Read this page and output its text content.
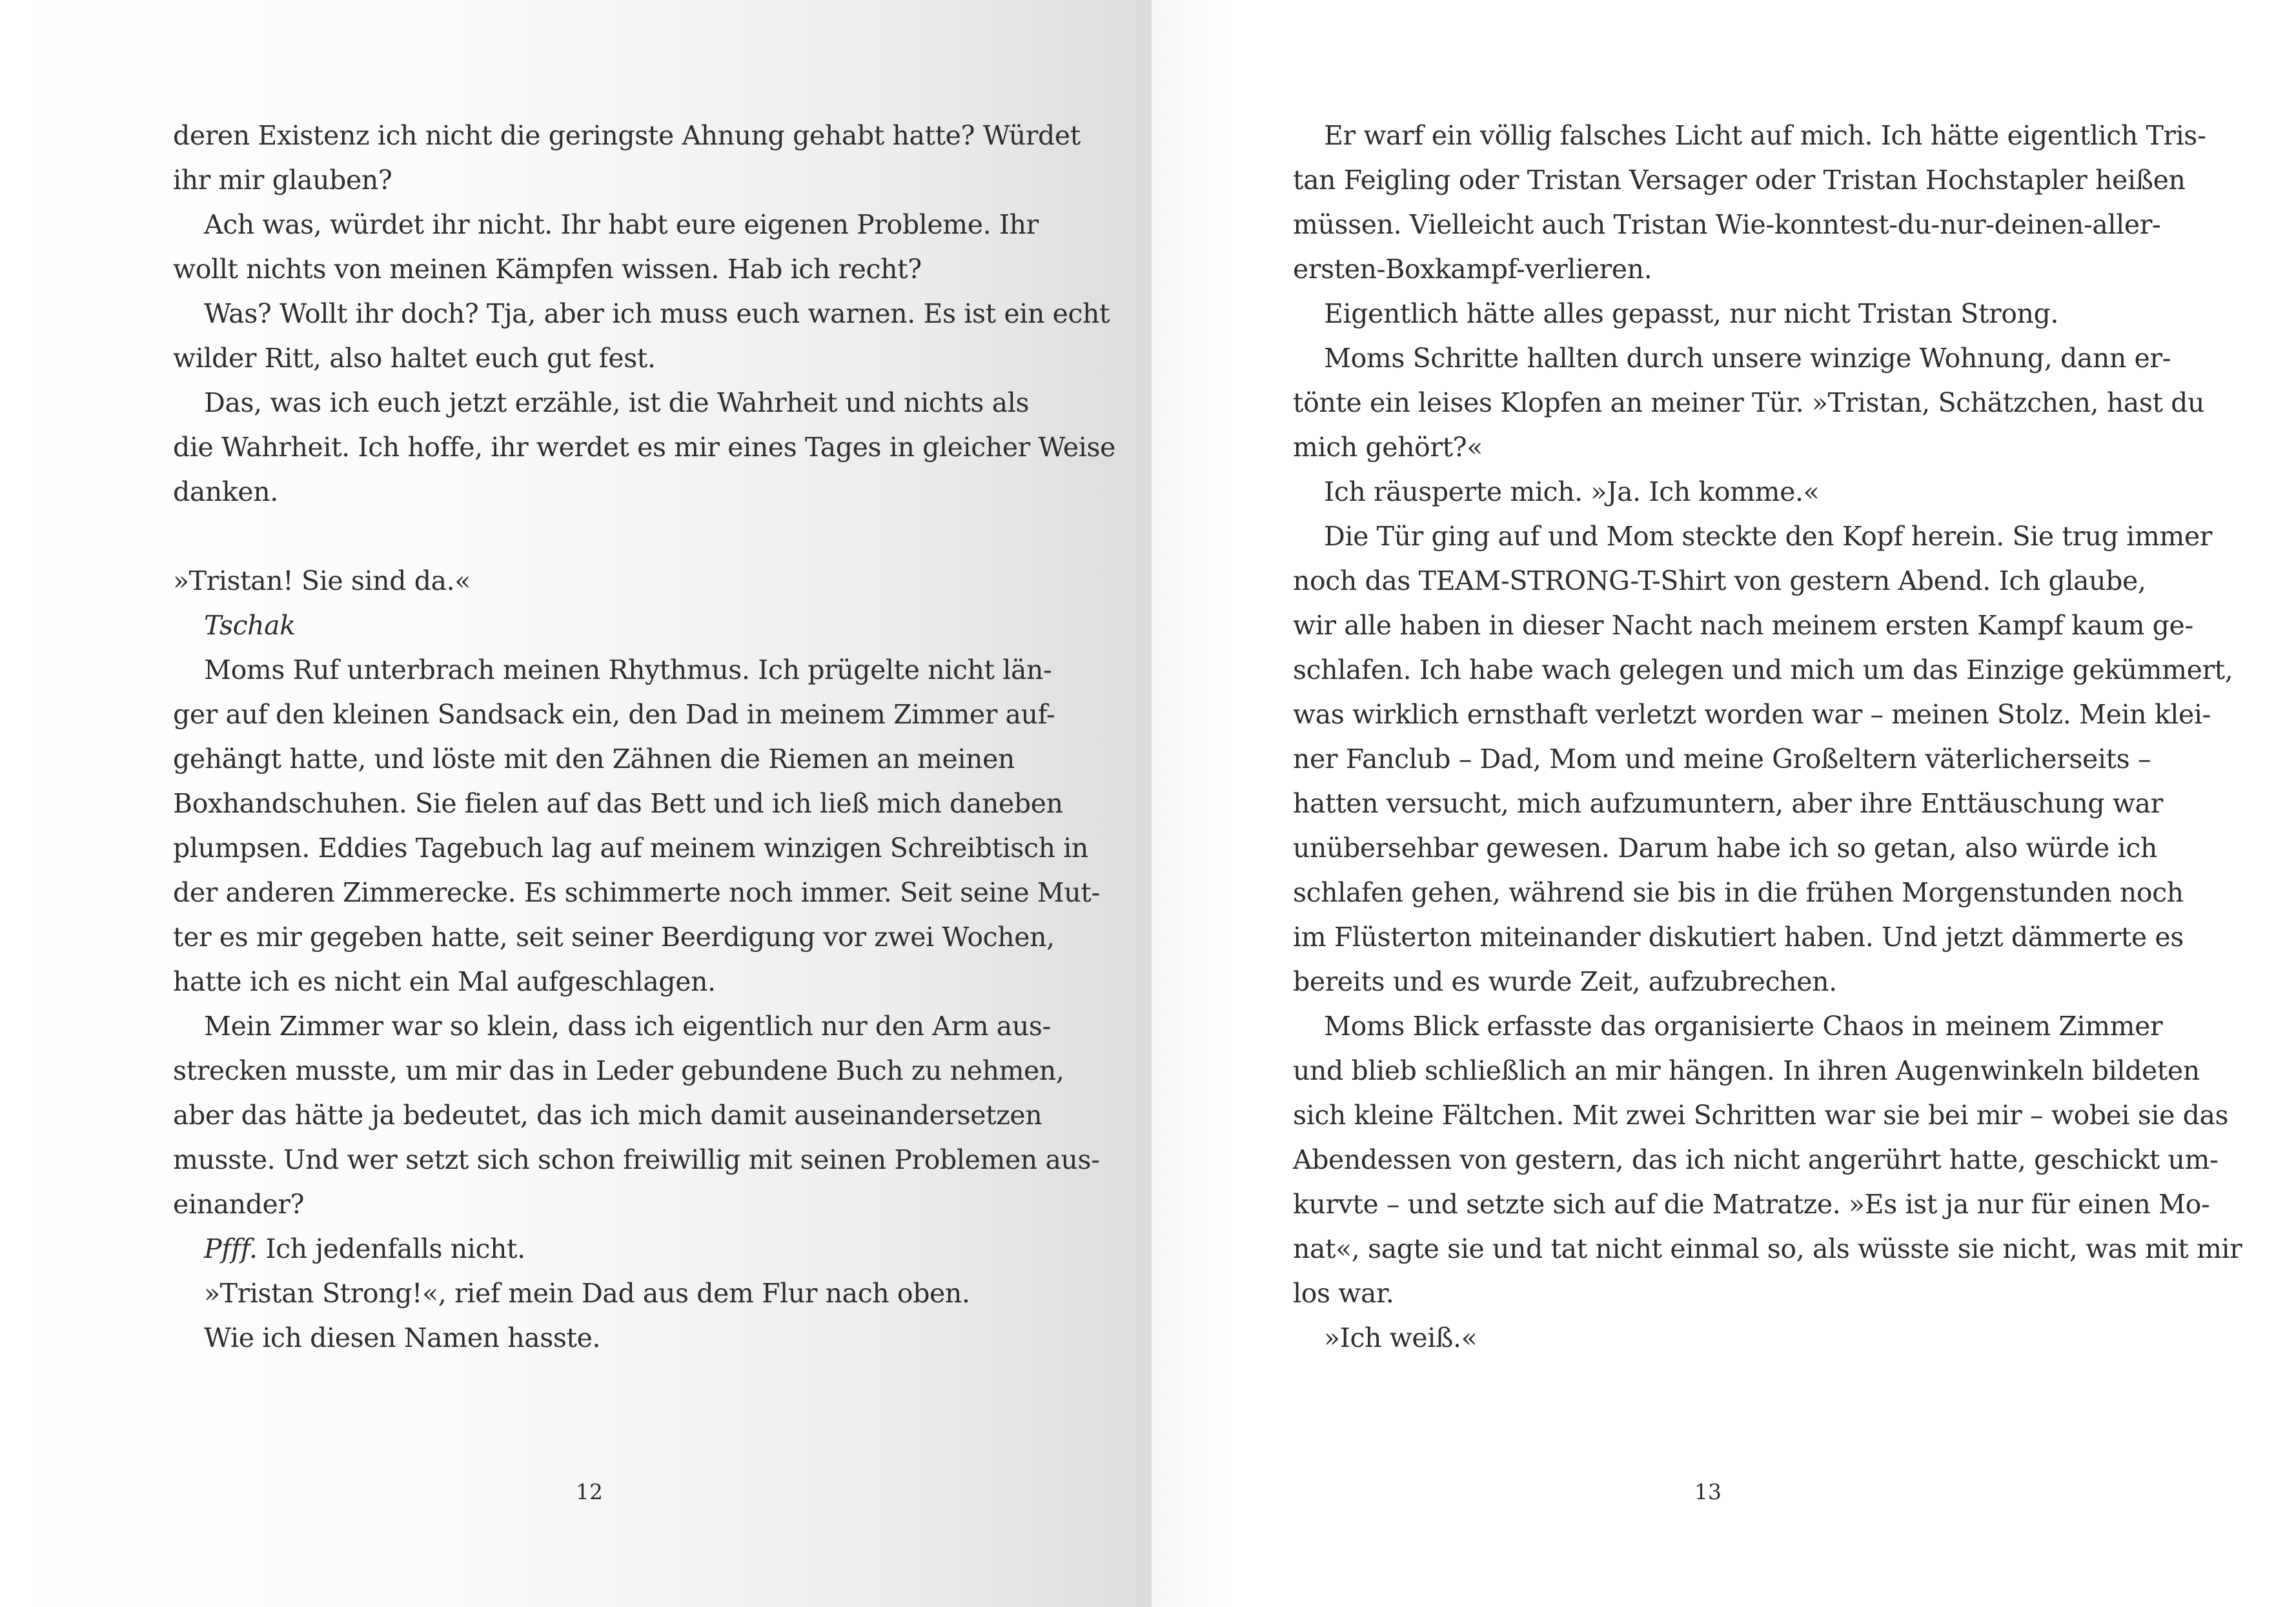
deren Existenz ich nicht die geringste Ahnung gehabt hatte? Würdet
ihr mir glauben?
Ach was, würdet ihr nicht. Ihr habt eure eigenen Probleme. Ihr
wollt nichts von meinen Kämpfen wissen. Hab ich recht?
Was? Wollt ihr doch? Tja, aber ich muss euch warnen. Es ist ein echt
wilder Ritt, also haltet euch gut fest.
Das, was ich euch jetzt erzähle, ist die Wahrheit und nichts als
die Wahrheit. Ich hoffe, ihr werdet es mir eines Tages in gleicher Weise
danken.
»Tristan! Sie sind da.«
Tschak
Moms Ruf unterbrach meinen Rhythmus. Ich prügelte nicht län-
ger auf den kleinen Sandsack ein, den Dad in meinem Zimmer auf-
gehängt hatte, und löste mit den Zähnen die Riemen an meinen
Boxhandschuhen. Sie fielen auf das Bett und ich ließ mich daneben
plumpsen. Eddies Tagebuch lag auf meinem winzigen Schreibtisch in
der anderen Zimmerecke. Es schimmerte noch immer. Seit seine Mut-
ter es mir gegeben hatte, seit seiner Beerdigung vor zwei Wochen,
hatte ich es nicht ein Mal aufgeschlagen.
Mein Zimmer war so klein, dass ich eigentlich nur den Arm aus-
strecken musste, um mir das in Leder gebundene Buch zu nehmen,
aber das hätte ja bedeutet, das ich mich damit auseinandersetzen
musste. Und wer setzt sich schon freiwillig mit seinen Problemen aus-
einander?
Pfff. Ich jedenfalls nicht.
»Tristan Strong!«, rief mein Dad aus dem Flur nach oben.
Wie ich diesen Namen hasste.
12
Er warf ein völlig falsches Licht auf mich. Ich hätte eigentlich Tris-
tan Feigling oder Tristan Versager oder Tristan Hochstapler heißen
müssen. Vielleicht auch Tristan Wie-konntest-du-nur-deinen-aller-
ersten-Boxkampf-verlieren.
Eigentlich hätte alles gepasst, nur nicht Tristan Strong.
Moms Schritte hallten durch unsere winzige Wohnung, dann er-
tönte ein leises Klopfen an meiner Tür. »Tristan, Schätzchen, hast du
mich gehört?«
Ich räusperte mich. »Ja. Ich komme.«
Die Tür ging auf und Mom steckte den Kopf herein. Sie trug immer
noch das TEAM-STRONG-T-Shirt von gestern Abend. Ich glaube,
wir alle haben in dieser Nacht nach meinem ersten Kampf kaum ge-
schlafen. Ich habe wach gelegen und mich um das Einzige gekümmert,
was wirklich ernsthaft verletzt worden war – meinen Stolz. Mein klei-
ner Fanclub – Dad, Mom und meine Großeltern väterlicherseits –
hatten versucht, mich aufzumuntern, aber ihre Enttäuschung war
unübersehbar gewesen. Darum habe ich so getan, also würde ich
schlafen gehen, während sie bis in die frühen Morgenstunden noch
im Flüsterton miteinander diskutiert haben. Und jetzt dämmerte es
bereits und es wurde Zeit, aufzubrechen.
Moms Blick erfasste das organisierte Chaos in meinem Zimmer
und blieb schließlich an mir hängen. In ihren Augenwinkeln bildeten
sich kleine Fältchen. Mit zwei Schritten war sie bei mir – wobei sie das
Abendessen von gestern, das ich nicht angerührt hatte, geschickt um-
kurvte – und setzte sich auf die Matratze. »Es ist ja nur für einen Mo-
nat«, sagte sie und tat nicht einmal so, als wüsste sie nicht, was mit mir
los war.
»Ich weiß.«
13
